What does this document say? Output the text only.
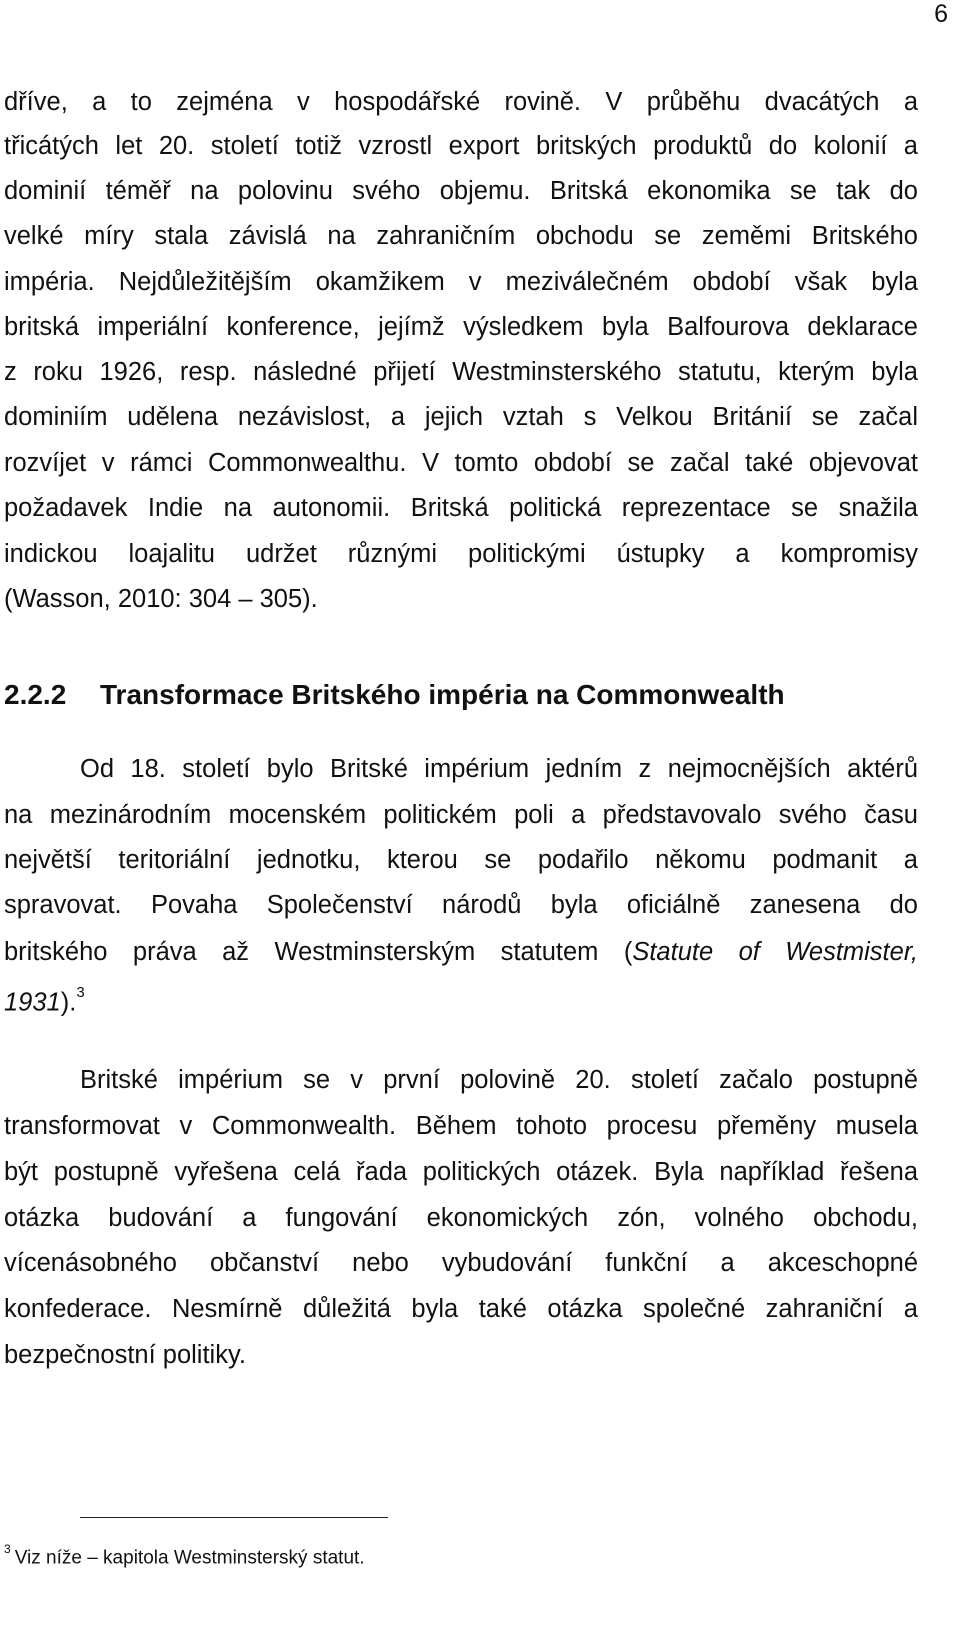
6
dříve, a to zejména v hospodářské rovině. V průběhu dvacátých a
třicátých let 20. století totiž vzrostl export britských produktů do kolonií a
dominií téměř na polovinu svého objemu. Britská ekonomika se tak do
velké míry stala závislá na zahraničním obchodu se zeměmi Britského
impéria. Nejdůležitějším okamžikem v meziválečném období však byla
britská imperiální konference, jejímž výsledkem byla Balfourova deklarace
z roku 1926, resp. následné přijetí Westminsterského statutu, kterým byla
dominiím udělena nezávislost, a jejich vztah s Velkou Británií se začal
rozvíjet v rámci Commonwealthu. V tomto období se začal také objevovat
požadavek Indie na autonomii. Britská politická reprezentace se snažila
indickou loajalitu udržet různými politickými ústupky a kompromisy
(Wasson, 2010: 304 – 305).
2.2.2 Transformace Britského impéria na Commonwealth
Od 18. století bylo Britské impérium jedním z nejmocnějších aktérů
na mezinárodním mocenském politickém poli a představovalo svého času
největší teritoriální jednotku, kterou se podařilo někomu podmanit a
spravovat. Povaha Společenství národů byla oficiálně zanesena do
britského práva až Westminsterským statutem (Statute of Westmister,
1931).$^3$
Britské impérium se v první polovině 20. století začalo postupně
transformovat v Commonwealth. Během tohoto procesu přeměny musela
být postupně vyřešena celá řada politických otázek. Byla například řešena
otázka budování a fungování ekonomických zón, volného obchodu,
vícenásobného občanství nebo vybudování funkční a akceschopné
konfederace. Nesmírně důležitá byla také otázka společné zahraniční a
bezpečnostní politiky.
$^3$ Viz níže – kapitola Westminsterský statut.
